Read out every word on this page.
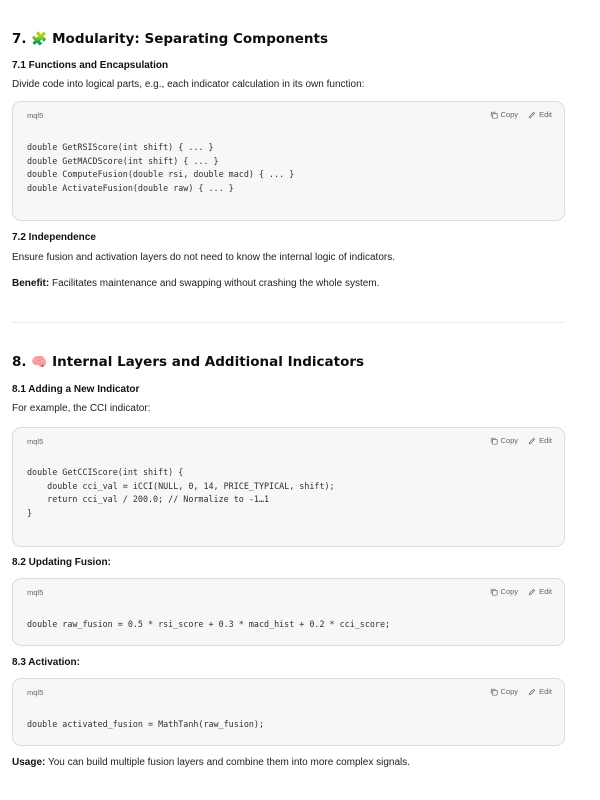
7. 🧩 Modularity: Separating Components
7.1 Functions and Encapsulation

Divide code into logical parts, e.g., each indicator calculation in its own function:

mql5	Copy	Edit
double GetRSIScore(int shift) { ... }
double GetMACDScore(int shift) { ... }
double ComputeFusion(double rsi, double macd) { ... }
double ActivateFusion(double raw) { ... }
7.2 Independence

Ensure fusion and activation layers do not need to know the internal logic of indicators.

Benefit: Facilitates maintenance and swapping without crashing the whole system.

8. 🧠 Internal Layers and Additional Indicators
8.1 Adding a New Indicator

For example, the CCI indicator:

mql5	Copy	Edit
double GetCCIScore(int shift) {
double cci_val = iCCI(NULL, 0, 14, PRICE_TYPICAL, shift);
return cci_val / 200.0; // Normalize to -1…1
}
8.2 Updating Fusion:
mql5	Copy	Edit
double raw_fusion = 0.5 * rsi_score + 0.3 * macd_hist + 0.2 * cci_score;
8.3 Activation:
mql5	Copy	Edit
double activated_fusion = MathTanh(raw_fusion);

Usage: You can build multiple fusion layers and combine them into more complex signals.
